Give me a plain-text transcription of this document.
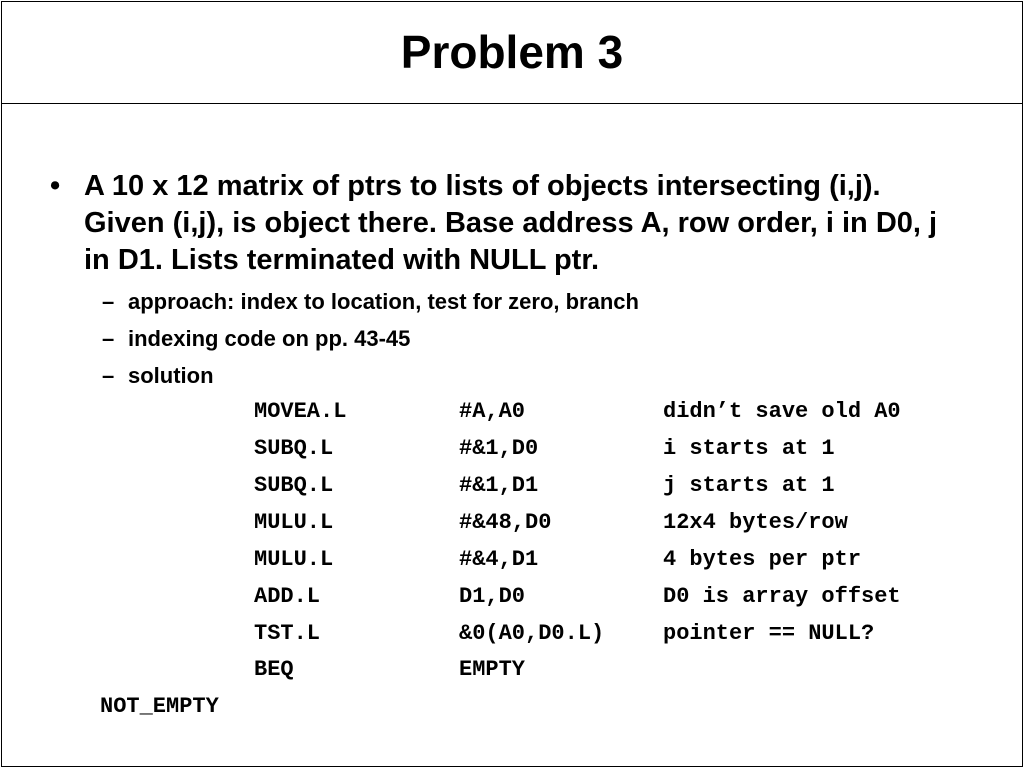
Problem 3
• A 10 x 12 matrix of ptrs to lists of objects intersecting (i,j). Given (i,j), is object there. Base address A, row order, i in D0, j in D1. Lists terminated with NULL ptr.
– approach: index to location, test for zero, branch
– indexing code on pp. 43-45
– solution
MOVEA.L	#A,A0	didn’t save old A0
SUBQ.L	#&1,D0	i starts at 1
SUBQ.L	#&1,D1	j starts at 1
MULU.L	#&48,D0	12x4 bytes/row
MULU.L	#&4,D1	4 bytes per ptr
ADD.L	D1,D0	D0 is array offset
TST.L	&0(A0,D0.L)	pointer == NULL?
BEQ	EMPTY
NOT_EMPTY
